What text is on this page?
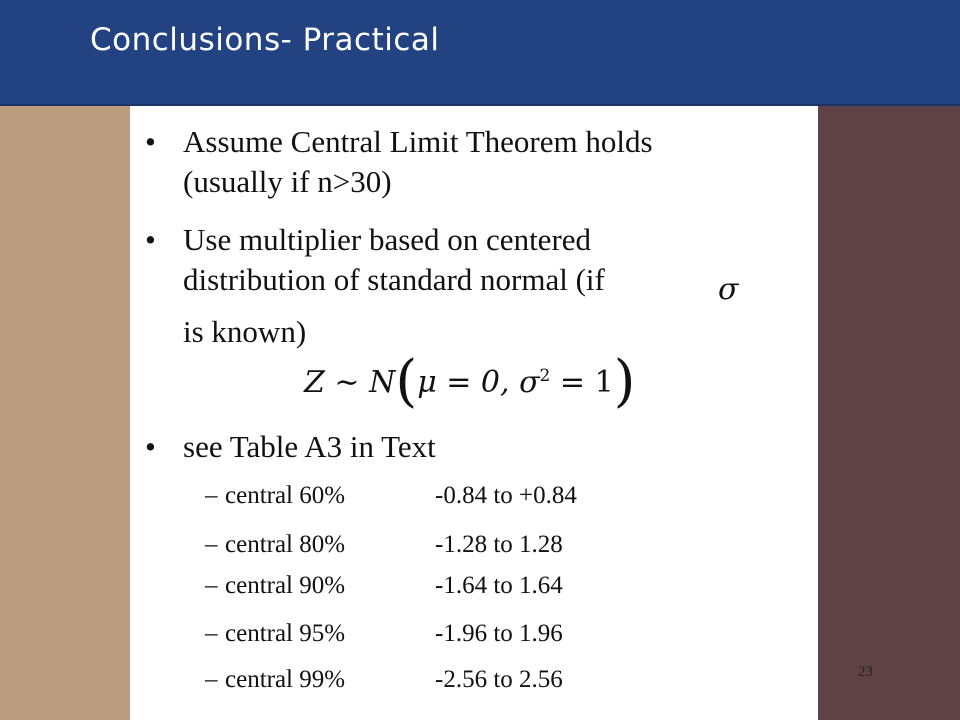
Conclusions- Practical
• Assume Central Limit Theorem holds
(usually if n>30)
• Use multiplier based on centered
distribution of standard normal (if
is known)
σ
Z ∼ N(μ = 0, $\sigma^2 = 1$)
• see Table A3 in Text
– central 60%	-0.84 to +0.84
– central 80%	-1.28 to 1.28
– central 90%	-1.64 to 1.64
– central 95%	-1.96 to 1.96
– central 99%	-2.56 to 2.56	23
